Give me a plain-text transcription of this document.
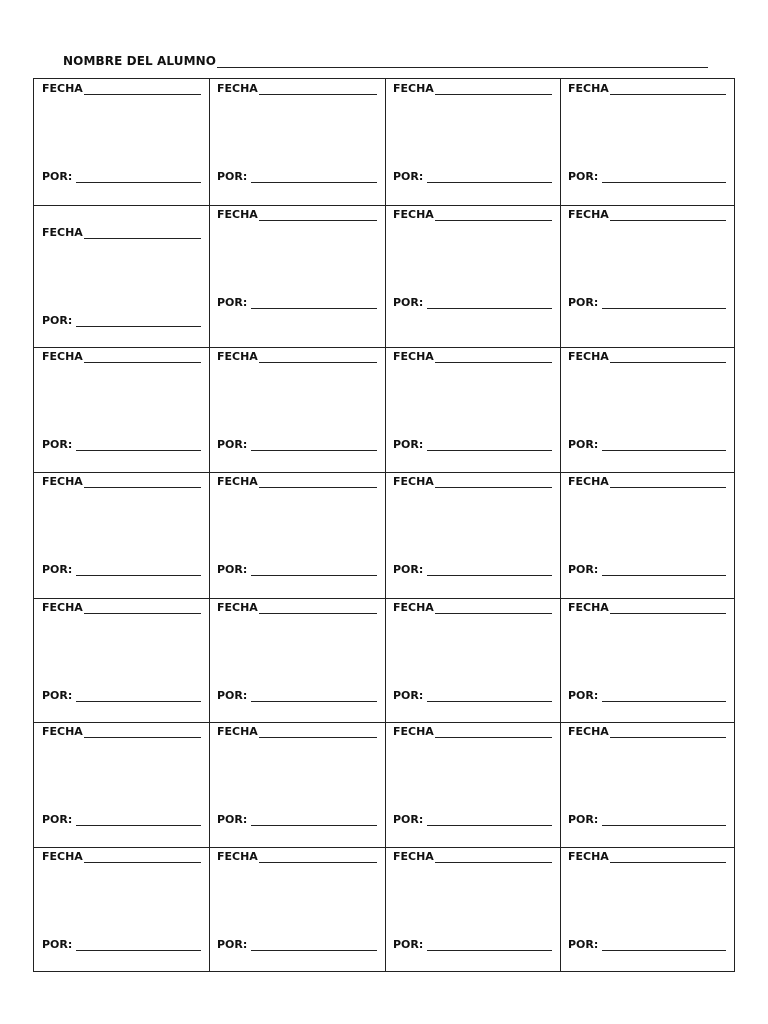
NOMBRE DEL ALUMNO
FECHA
POR:
FECHA
POR:
FECHA
POR:
FECHA
POR:
FECHA
POR:
FECHA
POR:
FECHA
POR:
FECHA
POR:
FECHA
POR:
FECHA
POR:
FECHA
POR:
FECHA
POR:
FECHA
POR:
FECHA
POR:
FECHA
POR:
FECHA
POR:
FECHA
POR:
FECHA
POR:
FECHA
POR:
FECHA
POR:
FECHA
POR:
FECHA
POR:
FECHA
POR:
FECHA
POR:
FECHA
POR:
FECHA
POR:
FECHA
POR:
FECHA
POR:
